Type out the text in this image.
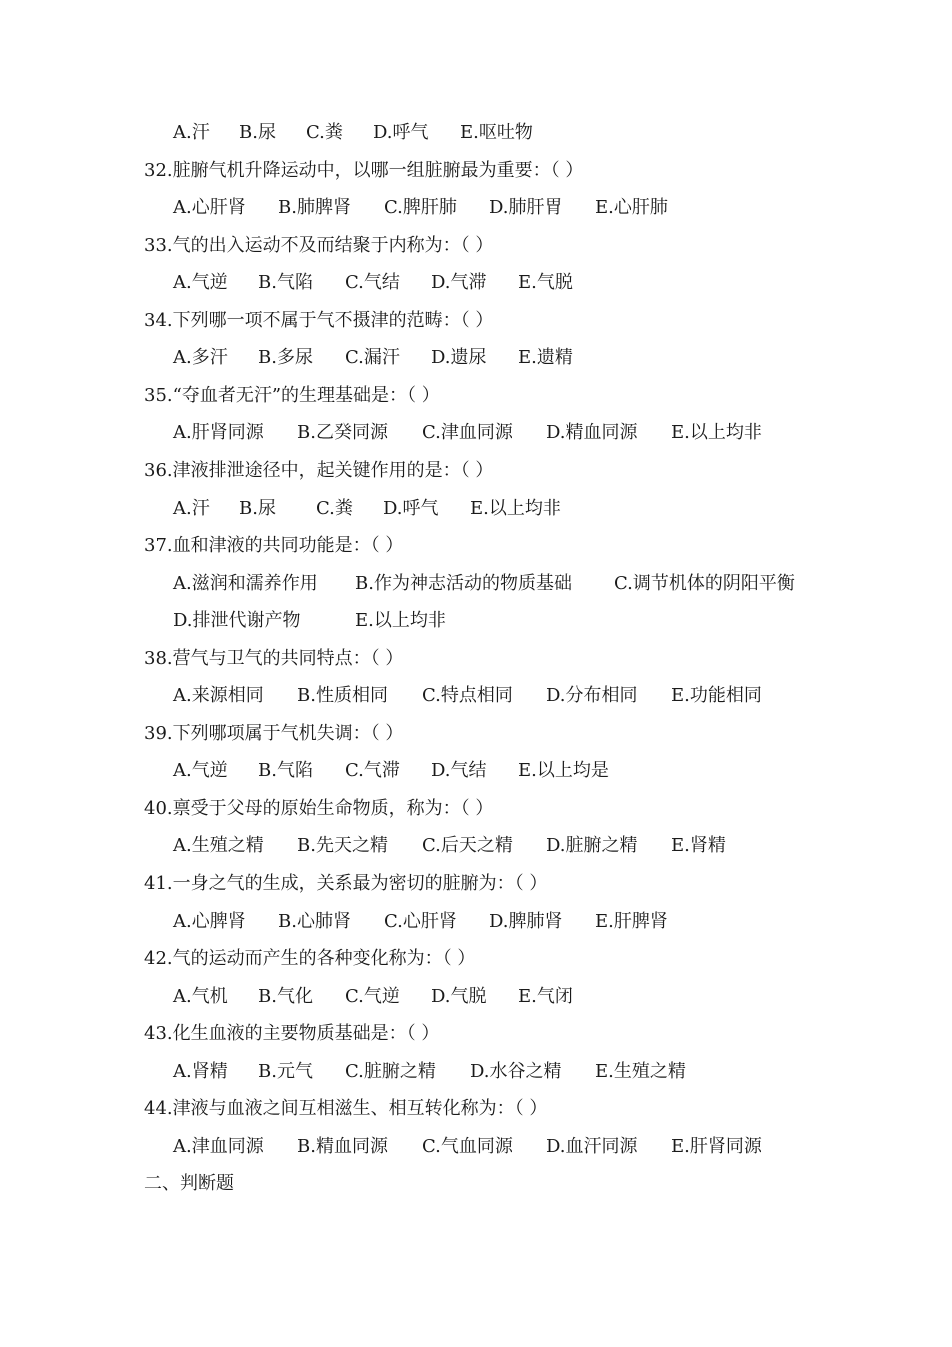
A.汗 B.尿 C.粪 D.呼气 E.呕吐物
32.脏腑气机升降运动中，以哪一组脏腑最为重要：（ ）
A.心肝肾 B.肺脾肾 C.脾肝肺 D.肺肝胃 E.心肝肺
33.气的出入运动不及而结聚于内称为：（ ）
A.气逆 B.气陷 C.气结 D.气滞 E.气脱
34.下列哪一项不属于气不摄津的范畴：（ ）
A.多汗 B.多尿 C.漏汗 D.遗尿 E.遗精
35.“夺血者无汗”的生理基础是：（ ）
A.肝肾同源 B.乙癸同源 C.津血同源 D.精血同源 E.以上均非
36.津液排泄途径中，起关键作用的是：（ ）
A.汗 B.尿 C.粪 D.呼气 E.以上均非
37.血和津液的共同功能是：（ ）
A.滋润和濡养作用 B.作为神志活动的物质基础 C.调节机体的阴阳平衡
D.排泄代谢产物	E.以上均非
38.营气与卫气的共同特点：（ ）
A.来源相同 B.性质相同 C.特点相同 D.分布相同 E.功能相同
39.下列哪项属于气机失调：（ ）
A.气逆 B.气陷 C.气滞 D.气结 E.以上均是
40.禀受于父母的原始生命物质，称为：（ ）
A.生殖之精 B.先天之精 C.后天之精 D.脏腑之精 E.肾精
41.一身之气的生成，关系最为密切的脏腑为：（ ）
A.心脾肾 B.心肺肾 C.心肝肾 D.脾肺肾 E.肝脾肾
42.气的运动而产生的各种变化称为：（ ）
A.气机 B.气化 C.气逆 D.气脱 E.气闭
43.化生血液的主要物质基础是：（ ）
A.肾精 B.元气 C.脏腑之精 D.水谷之精 E.生殖之精
44.津液与血液之间互相滋生、相互转化称为：（ ）
A.津血同源 B.精血同源 C.气血同源 D.血汗同源 E.肝肾同源
二、判断题
